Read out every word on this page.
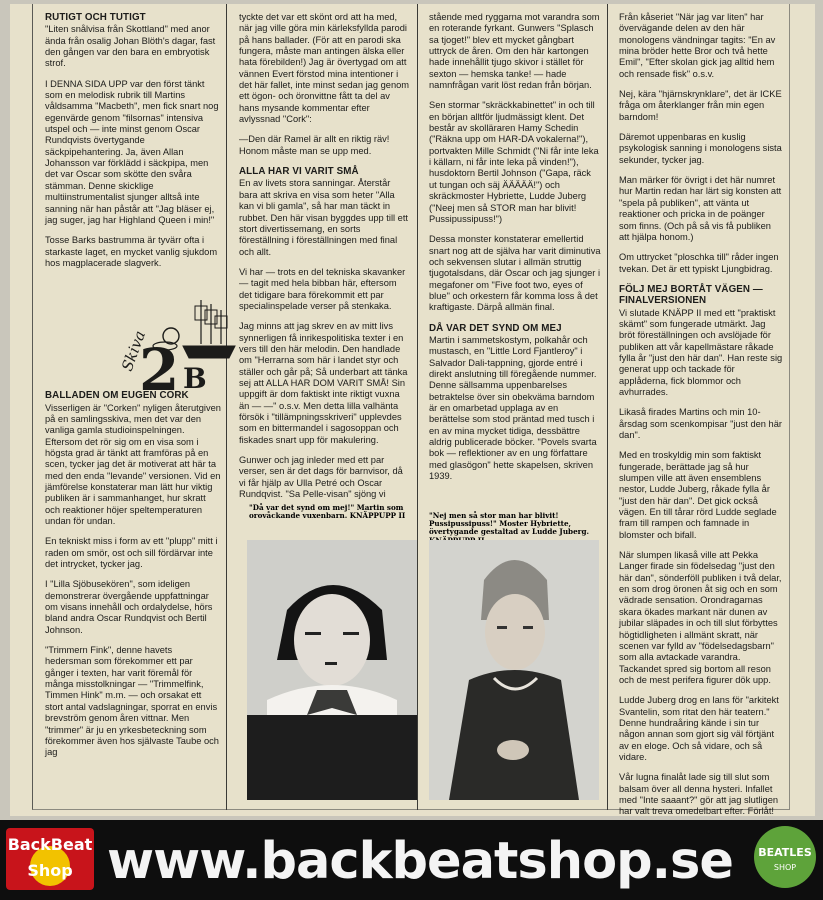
RUTIGT OCH TUTIGT

"Liten snålvisa från Skottland" med anor ända från osalig Johan Blöth's dagar, fast den gången var den bara en embryotisk strof.

I DENNA SIDA UPP var den först tänkt som en melodisk rubrik till Martins våldsamma "Macbeth", men fick snart nog egenvärde genom "filsornas" intensiva utspel och — inte minst genom Oscar Rundqvists övertygande säckpipehantering. Ja, även Allan Johansson var förklädd i säckpipa, men det var Oscar som skötte den svåra stämman. Denne skicklige multiinstrumentalist sjunger alltså inte sanning när han påstår att "Jag bläser ej, jag suger, jag har Highland Queen i min!"

Tosse Barks bastrumma är tyvärr ofta i starkaste laget, en mycket vanlig sjukdom hos magplacerade slagverk.

BALLADEN OM EUGEN CORK

Visserligen är "Corken" nyligen återutgiven på en samlingsskiva, men det var den vanliga gamla studioinspelningen. Eftersom det rör sig om en visa som i högsta grad är tänkt att framföras på en scen, tycker jag det är motiverat att här ta med den enda "levande" versionen. Vid en jämförelse konstaterar man lätt hur viktig publiken är i sammanhanget, hur skratt och reaktioner höjer speltemperaturen undan för undan.

En tekniskt miss i form av ett "plupp" mitt i raden om smör, ost och sill fördärvar inte det intrycket, tycker jag.

I "Lilla Sjöbusekören", som ideligen demonstrerar övergående uppfattningar om visans innehåll och ordalydelse, hörs bland andra Oscar Rundqvist och Bertil Johnson.

"Trimmern Fink", denne havets hedersman som förekommer ett par gånger i texten, har varit föremål för många misstolkningar — "Trimmelfink, Timmen Hink" m.m. — och orsakat ett stort antal vadslagningar, sporrat en envis brevström genom åren vittnar. Men "trimmer" är ju en yrkesbeteckning som förekommer även hos självaste Taube och jag

Skiva
2 B

tyckte det var ett skönt ord att ha med, när jag ville göra min kärleksfyllda parodi på hans ballader. (För att en parodi ska fungera, måste man antingen älska eller hata förebilden!) Jag är övertygad om att vännen Evert förstod mina intentioner i det här fallet, inte minst sedan jag genom ett ögon- och öronvittne fått ta del av hans mysande kommentar efter avlyssnad "Cork":

—Den där Ramel är allt en riktig räv! Honom måste man se upp med.

ALLA HAR VI VARIT SMÅ

En av livets stora sanningar. Återstår bara att skriva en visa som heter "Alla kan vi bli gamla", så har man täckt in rubbet. Den här visan byggdes upp till ett stort divertissemang, en sorts föreställning i föreställningen med final och allt.

Vi har — trots en del tekniska skavanker — tagit med hela bibban här, eftersom det tidigare bara förekommit ett par specialinspelade verser på stenkaka.

Jag minns att jag skrev en av mitt livs synnerligen få inrikespolitiska texter i en vers till den här melodin. Den handlade om "Herrarna som här i landet styr och ställer och går på; Så underbart att tänka sej att ALLA HAR DOM VARIT SMÅ! Sin uppgift är dom faktiskt inte riktigt vuxna än — —" o.s.v. Men detta lilla valhänta försök i "tillämpningsskriveri" upplevdes som en bittermandel i sagosoppan och fiskades snart upp för makulering.

Gunwer och jag inleder med ett par verser, sen är det dags för barnvisor, då vi får hjälp av Ulla Petré och Oscar Rundqvist. "Sa Pelle-visan" sjöng vi

"Då var det synd om mej!" Martin som orovåckande vuxenbarn. KNÄPPUPP II

stående med ryggarna mot varandra som en roterande fyrkant. Gunwers "Splasch sa tjoget!" blev ett mycket gångbart uttryck de åren. Om den här kartongen hade innehållit tjugo skivor i stället för sexton — hemska tanke! — hade namnfrågan varit löst redan från början.

Sen stormar "skräckkabinettet" in och till en början alltför ljudmässigt klent. Det består av skolläraren Hamy Schedin ("Räkna upp om HAR-DA vokalerna!"), portvakten Mille Schmidt ("Ni får inte leka i källarn, ni får inte leka på vinden!"), husdoktorn Bertil Johnson ("Gapa, räck ut tungan och säj ÄÄÄÄÄ!") och skräckmoster Hybriette, Ludde Juberg ("Neej men så STOR man har blivit! Pussipussipuss!")

Dessa monster konstaterar emellertid snart nog att de själva har varit diminutiva och sekvensen slutar i allmän struttig tjugotalsdans, där Oscar och jag sjunger i megafoner om "Five foot two, eyes of blue" och orkestern får komma loss å det kraftigaste. Därpå allmän final.

DÅ VAR DET SYND OM MEJ

Martin i sammetskostym, polkahår och mustasch, en "Little Lord Fjantleroy" i Salvador Dali-tappning, gjorde entré i direkt anslutning till föregående nummer. Denne sällsamma uppenbarelses betraktelse över sin obekväma barndom är en omarbetad upplaga av en berättelse som stod präntad med tusch i en av mina mycket tidiga, dessbättre aldrig publicerade böcker. "Povels svarta bok — reflektioner av en ung författare med glasögon" hette skapelsen, skriven 1939.

"Nej men så stor man har blivit! Pussipussipuss!" Moster Hybriette, övertygande gestaltad av Ludde Juberg.

Från kåseriet "När jag var liten" har övervägande delen av den här monologens vändningar tagits: "En av mina bröder hette Bror och två hette Emil", "Efter skolan gick jag alltid hem och rensade fisk" o.s.v.

Nej, kära "hjärnskrynklare", det är ICKE fråga om återklanger från min egen barndom!

Däremot uppenbaras en kuslig psykologisk sanning i monologens sista sekunder, tycker jag.

Man märker för övrigt i det här numret hur Martin redan har lärt sig konsten att "spela på publiken", att vänta ut reaktioner och pricka in de poänger som finns. (Och på så vis få publiken att hjälpa honom.)

Om uttrycket "ploschka till" råder ingen tvekan. Det är ett typiskt Ljungbidrag.

FÖLJ MEJ BORTÅT VÄGEN — FINALVERSIONEN

Vi slutade KNÄPP II med ett "praktiskt skämt" som fungerade utmärkt. Jag bröt föreställningen och avslöjade för publiken att vår kapellmästare råkade fylla år "just den här dan". Han reste sig generat upp och tackade för applåderna, fick blommor och avhurrades.

Likaså firades Martins och min 10-årsdag som scenkompisar "just den här dan".

Med en troskyldig min som faktiskt fungerade, berättade jag så hur slumpen ville att även ensemblens nestor, Ludde Juberg, råkade fylla år "just den här dan". Det gick också vägen. En till tårar rörd Ludde seglade fram till rampen och famnade in blomster och bifall.

När slumpen likaså ville att Pekka Langer firade sin födelsedag "just den här dan", sönderföll publiken i två delar, en som drog öronen åt sig och en som vädrade sensation. Orondragarnas skara ökades markant när dunen av jubilar släpades in och till slut förbyttes högtidligheten i allmänt skratt, när scenen var fylld av "födelsedagsbarn" som alla avtackade varandra. Tackandet spred sig bortom all reson och de mest perifera figurer dök upp.

Ludde Juberg drog en lans för "arkitekt Svantelin, som ritat den här teatern." Denne hundraåring kände i sin tur någon annan som gjort sig väl förtjänt av en eloge. Och så vidare, och så vidare.

Vår lugna finalåt lade sig till slut som balsam över all denna hysteri. Infallet med "Inte saaant?" gör att jag slutligen har valt treva omedelbart efter. Förlåt!

BackBeat
Shop www.backbeatshop.se BEATLES
SHOP
